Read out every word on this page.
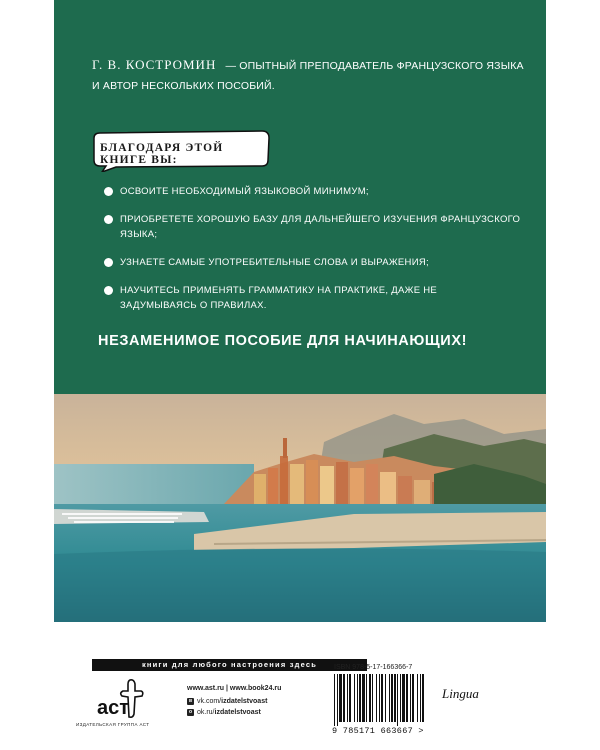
Г. В. КОСТРОМИН — ОПЫТНЫЙ ПРЕПОДАВАТЕЛЬ ФРАНЦУЗСКОГО ЯЗЫКА И АВТОР НЕСКОЛЬКИХ ПОСОБИЙ.
БЛАГОДАРЯ ЭТОЙ КНИГЕ ВЫ:
ОСВОИТЕ НЕОБХОДИМЫЙ ЯЗЫКОВОЙ МИНИМУМ;
ПРИОБРЕТЕТЕ ХОРОШУЮ БАЗУ ДЛЯ ДАЛЬНЕЙШЕГО ИЗУЧЕНИЯ ФРАНЦУЗСКОГО ЯЗЫКА;
УЗНАЕТЕ САМЫЕ УПОТРЕБИТЕЛЬНЫЕ СЛОВА И ВЫРАЖЕНИЯ;
НАУЧИТЕСЬ ПРИМЕНЯТЬ ГРАММАТИКУ НА ПРАКТИКЕ, ДАЖЕ НЕ ЗАДУМЫВАЯСЬ О ПРАВИЛАХ.
НЕЗАМЕНИМОЕ ПОСОБИЕ ДЛЯ НАЧИНАЮЩИХ!
книги для любого настроения здесь
аст
ИЗДАТЕЛЬСКАЯ ГРУППА АСТ
www.ast.ru | www.book24.ru
в vk.com/izdatelstvoast
о ok.ru/izdatelstvoast
ISBN 978-5-17-166366-7
9 785171 663667 >
Lingua
